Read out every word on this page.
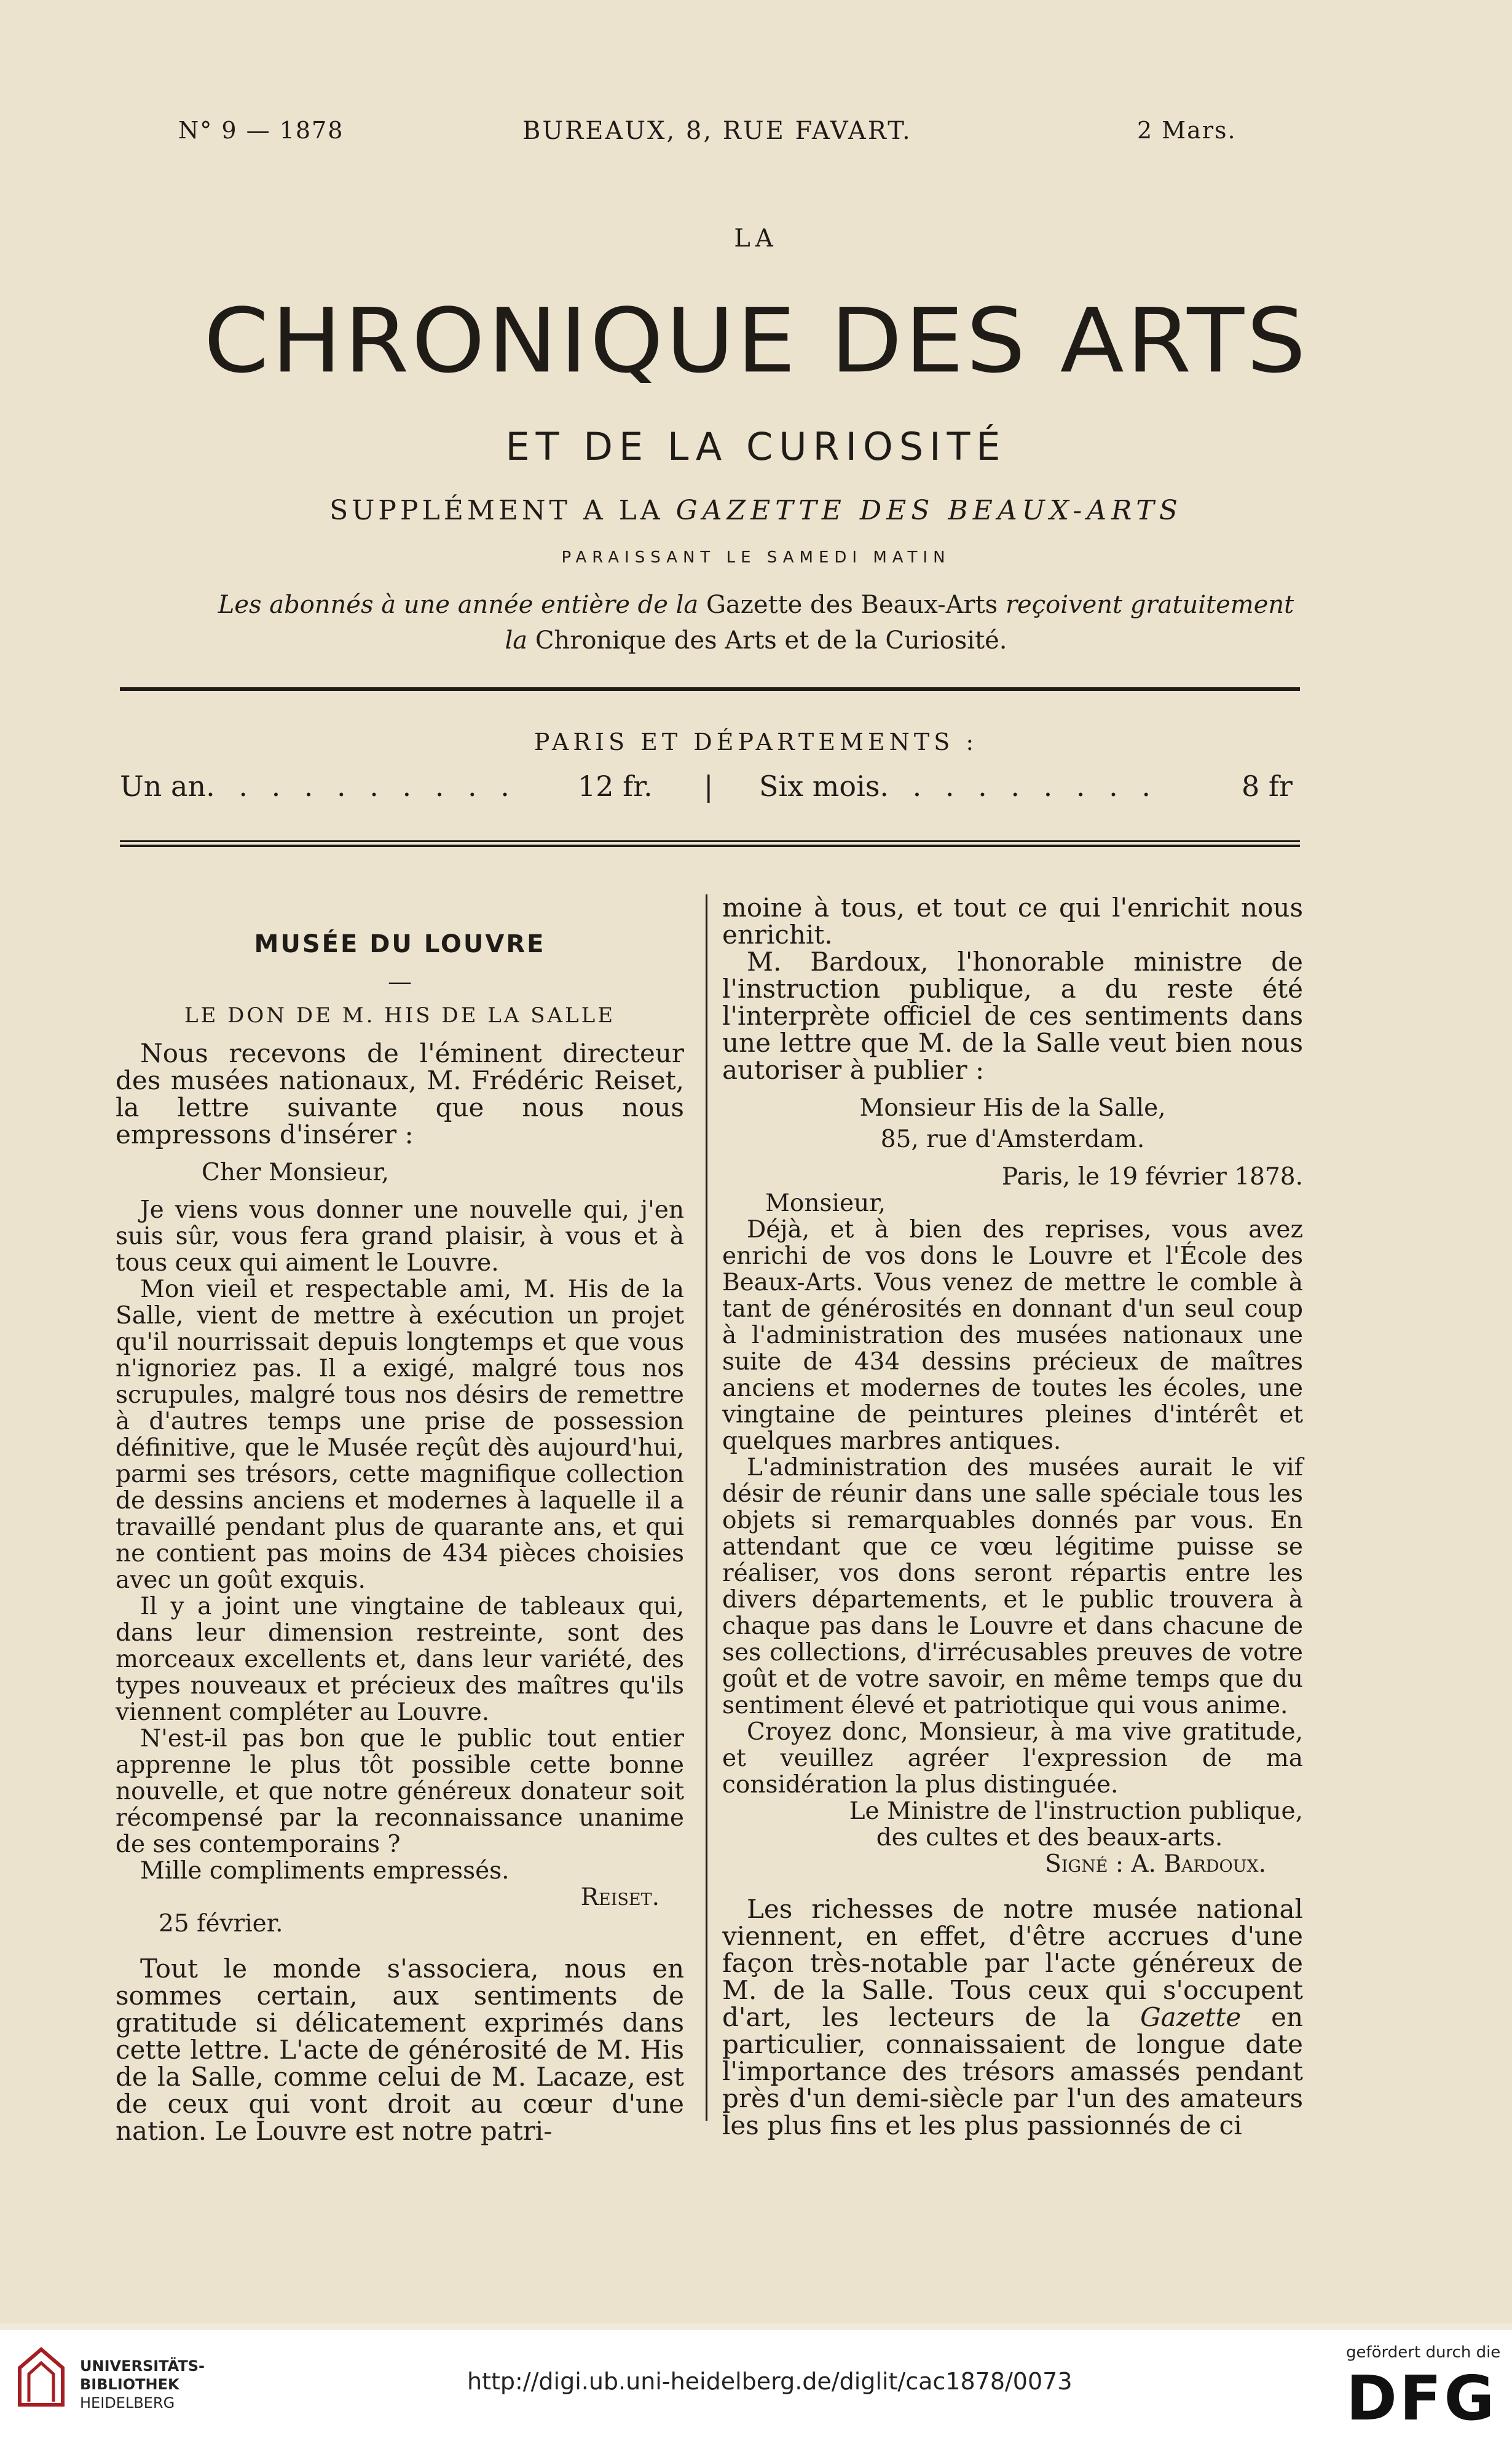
N° 9 — 1878	BUREAUX, 8, RUE FAVART.	2 Mars.
LA
CHRONIQUE DES ARTS
ET DE LA CURIOSITÉ
SUPPLÉMENT A LA GAZETTE DES BEAUX-ARTS
PARAISSANT LE SAMEDI MATIN
Les abonnés à une année entière de la Gazette des Beaux-Arts reçoivent gratuitement
la Chronique des Arts et de la Curiosité.
PARIS ET DÉPARTEMENTS :
Un an. . . . . . . . . . 12 fr. | Six mois. . . . . . . . .	8 fr
MUSÉE DU LOUVRE
—
LE DON DE M. HIS DE LA SALLE

Nous recevons de l'éminent directeur des musées nationaux, M. Frédéric Reiset, la lettre suivante que nous nous empressons d'insérer :

Cher Monsieur,

Je viens vous donner une nouvelle qui, j'en suis sûr, vous fera grand plaisir, à vous et à tous ceux qui aiment le Louvre.

Mon vieil et respectable ami, M. His de la Salle, vient de mettre à exécution un projet qu'il nourrissait depuis longtemps et que vous n'ignoriez pas. Il a exigé, malgré tous nos scrupules, malgré tous nos désirs de remettre à d'autres temps une prise de possession définitive, que le Musée reçût dès aujourd'hui, parmi ses trésors, cette magnifique collection de dessins anciens et modernes à laquelle il a travaillé pendant plus de quarante ans, et qui ne contient pas moins de 434 pièces choisies avec un goût exquis.

Il y a joint une vingtaine de tableaux qui, dans leur dimension restreinte, sont des morceaux excellents et, dans leur variété, des types nouveaux et précieux des maîtres qu'ils viennent compléter au Louvre.

N'est-il pas bon que le public tout entier apprenne le plus tôt possible cette bonne nouvelle, et que notre généreux donateur soit récompensé par la reconnaissance unanime de ses contemporains ?

Mille compliments empressés.

Reiset.

25 février.

Tout le monde s'associera, nous en sommes certain, aux sentiments de gratitude si délicatement exprimés dans cette lettre. L'acte de générosité de M. His de la Salle, comme celui de M. Lacaze, est de ceux qui vont droit au cœur d'une nation. Le Louvre est notre patri-

moine à tous, et tout ce qui l'enrichit nous enrichit.

M. Bardoux, l'honorable ministre de l'instruction publique, a du reste été l'interprète officiel de ces sentiments dans une lettre que M. de la Salle veut bien nous autoriser à publier :

Monsieur His de la Salle,
85, rue d'Amsterdam.
Paris, le 19 février 1878.

Monsieur,

Déjà, et à bien des reprises, vous avez enrichi de vos dons le Louvre et l'École des Beaux-Arts. Vous venez de mettre le comble à tant de générosités en donnant d'un seul coup à l'administration des musées nationaux une suite de 434 dessins précieux de maîtres anciens et modernes de toutes les écoles, une vingtaine de peintures pleines d'intérêt et quelques marbres antiques.

L'administration des musées aurait le vif désir de réunir dans une salle spéciale tous les objets si remarquables donnés par vous. En attendant que ce vœu légitime puisse se réaliser, vos dons seront répartis entre les divers départements, et le public trouvera à chaque pas dans le Louvre et dans chacune de ses collections, d'irrécusables preuves de votre goût et de votre savoir, en même temps que du sentiment élevé et patriotique qui vous anime.

Croyez donc, Monsieur, à ma vive gratitude, et veuillez agréer l'expression de ma considération la plus distinguée.

Le Ministre de l'instruction publique,
des cultes et des beaux-arts.
Signé : A. Bardoux.

Les richesses de notre musée national viennent, en effet, d'être accrues d'une façon très-notable par l'acte généreux de M. de la Salle. Tous ceux qui s'occupent d'art, les lecteurs de la Gazette en particulier, connaissaient de longue date l'importance des trésors amassés pendant près d'un demi-siècle par l'un des amateurs les plus fins et les plus passionnés de ci

UNIVERSITÄTS-
BIBLIOTHEK
HEIDELBERG
http://digi.ub.uni-heidelberg.de/diglit/cac1878/0073
gefördert durch die
DFG
